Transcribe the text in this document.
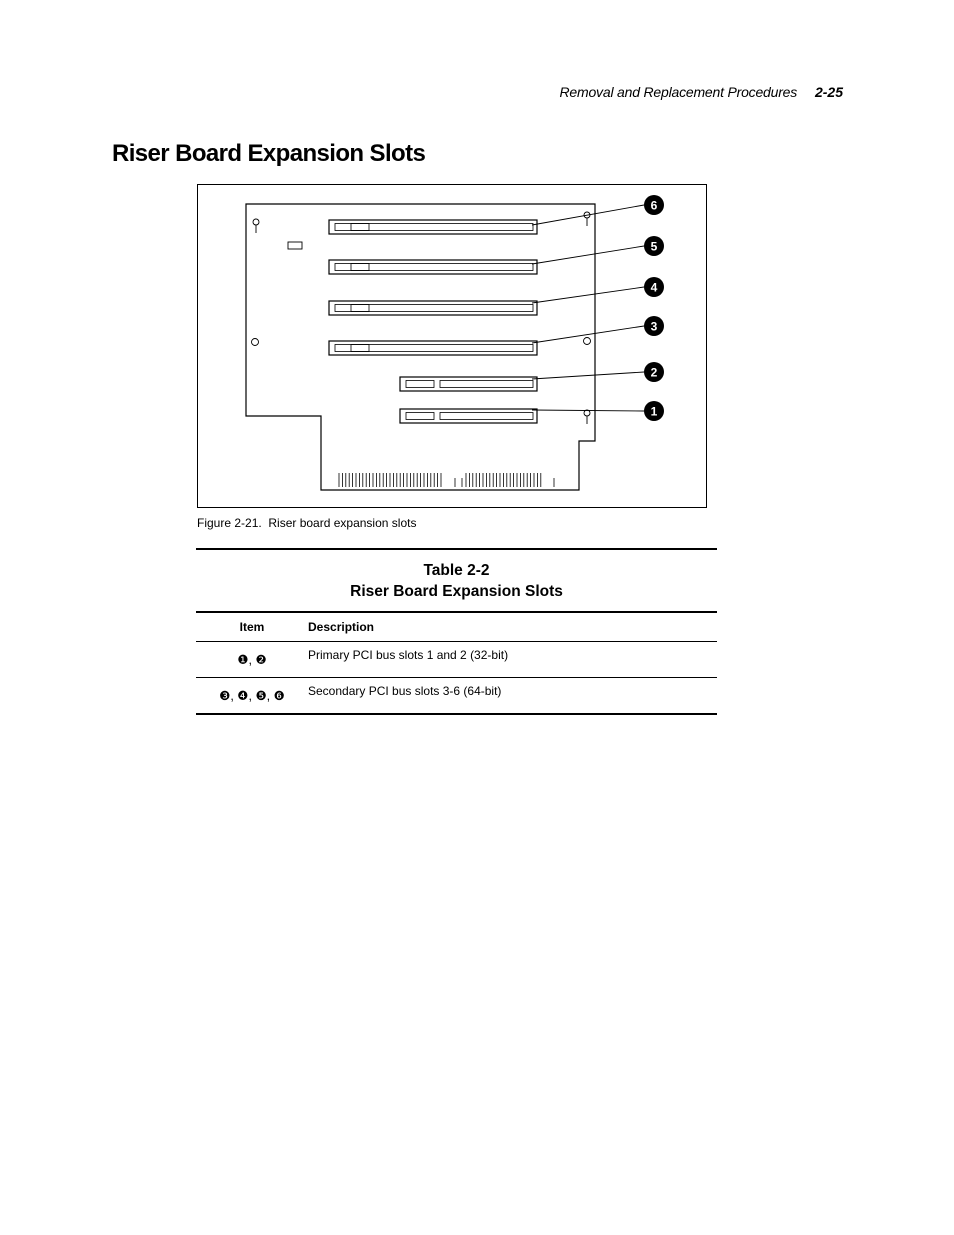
Removal and Replacement Procedures 2-25
Riser Board Expansion Slots
6
5
4
3
2
1
Figure 2-21.  Riser board expansion slots
Table 2-2
Riser Board Expansion Slots
Item	Description
❶, ❷	Primary PCI bus slots 1 and 2 (32-bit)
❸, ❹, ❺, ❻	Secondary PCI bus slots 3-6 (64-bit)
